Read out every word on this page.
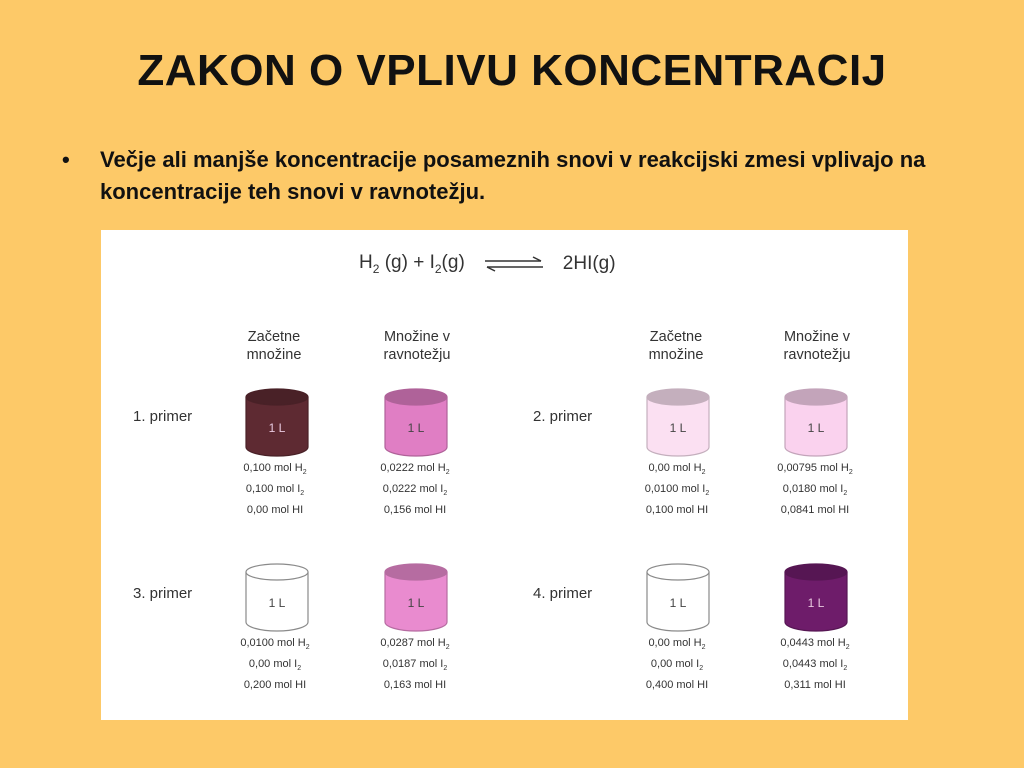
ZAKON O VPLIVU KONCENTRACIJ
• Večje ali manjše koncentracije posameznih snovi v reakcijski zmesi vplivajo na koncentracije teh snovi v ravnotežju.
$H_2$ $(g) + I_2(g)$ ⇌ 2HI(g)
Začetne
množine
Množine v
ravnotežju
Začetne
množine
Množine v
ravnotežju
1. primer
1 L
0,100 mol $H_2$
0,100 mol $I_2$
0,00 mol HI
1 L
0,0222 mol $H_2$
0,0222 mol $I_2$
0,156 mol HI
2. primer
1 L
0,00 mol $H_2$
0,0100 mol $I_2$
0,100 mol HI
1 L
0,00795 mol $H_2$
0,0180 mol $I_2$
0,0841 mol HI
3. primer
1 L
0,0100 mol $H_2$
0,00 mol $I_2$
0,200 mol HI
1 L
0,0287 mol $H_2$
0,0187 mol $I_2$
0,163 mol HI
4. primer
1 L
0,00 mol $H_2$
0,00 mol $I_2$
0,400 mol HI
1 L
0,0443 mol $H_2$
0,0443 mol $I_2$
0,311 mol HI
